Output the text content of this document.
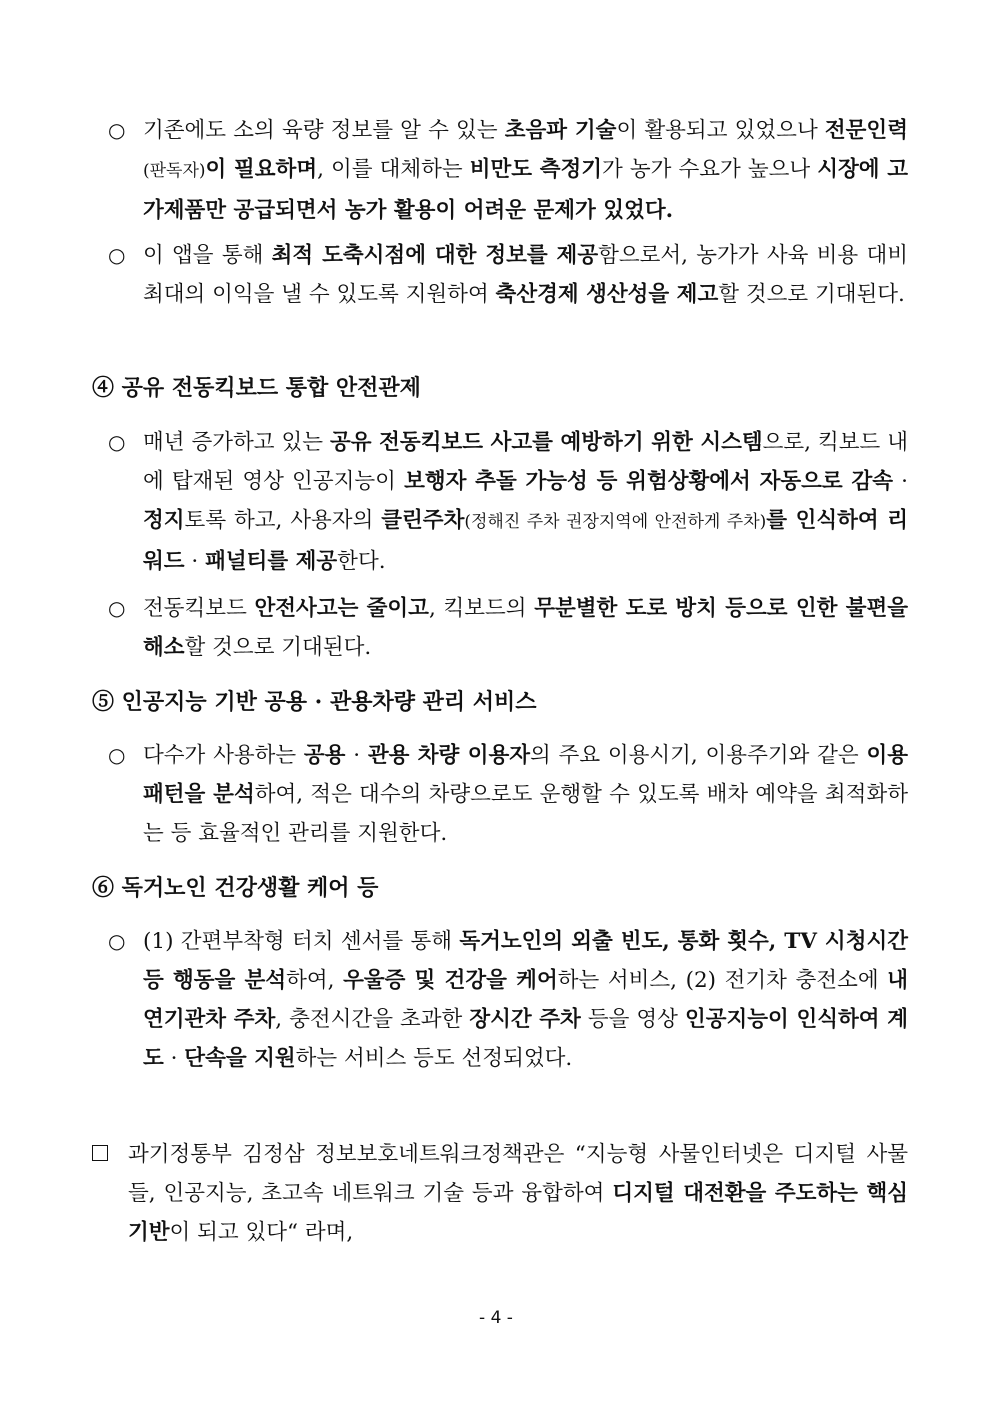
○ 기존에도 소의 육량 정보를 알 수 있는 초음파 기술이 활용되고 있었으나 전문인력(판독자)이 필요하며, 이를 대체하는 비만도 측정기가 농가 수요가 높으나 시장에 고가제품만 공급되면서 농가 활용이 어려운 문제가 있었다.
○ 이 앱을 통해 최적 도축시점에 대한 정보를 제공함으로서, 농가가 사육 비용 대비 최대의 이익을 낼 수 있도록 지원하여 축산경제 생산성을 제고할 것으로 기대된다.
④ 공유 전동킥보드 통합 안전관제
○ 매년 증가하고 있는 공유 전동킥보드 사고를 예방하기 위한 시스템으로, 킥보드 내에 탑재된 영상 인공지능이 보행자 추돌 가능성 등 위험상황에서 자동으로 감속 · 정지토록 하고, 사용자의 클린주차(정해진 주차 권장지역에 안전하게 주차)를 인식하여 리워드 · 패널티를 제공한다.
○ 전동킥보드 안전사고는 줄이고, 킥보드의 무분별한 도로 방치 등으로 인한 불편을 해소할 것으로 기대된다.
⑤ 인공지능 기반 공용 · 관용차량 관리 서비스
○ 다수가 사용하는 공용 · 관용 차량 이용자의 주요 이용시기, 이용주기와 같은 이용패턴을 분석하여, 적은 대수의 차량으로도 운행할 수 있도록 배차 예약을 최적화하는 등 효율적인 관리를 지원한다.
⑥ 독거노인 건강생활 케어 등
○ (1) 간편부착형 터치 센서를 통해 독거노인의 외출 빈도, 통화 횟수, TV 시청시간 등 행동을 분석하여, 우울증 및 건강을 케어하는 서비스, (2) 전기차 충전소에 내연기관차 주차, 충전시간을 초과한 장시간 주차 등을 영상 인공지능이 인식하여 계도 · 단속을 지원하는 서비스 등도 선정되었다.
과기정통부 김정삼 정보보호네트워크정책관은 “지능형 사물인터넷은 디지털 사물들, 인공지능, 초고속 네트워크 기술 등과 융합하여 디지털 대전환을 주도하는 핵심 기반이 되고 있다“ 라며,
- 4 -
